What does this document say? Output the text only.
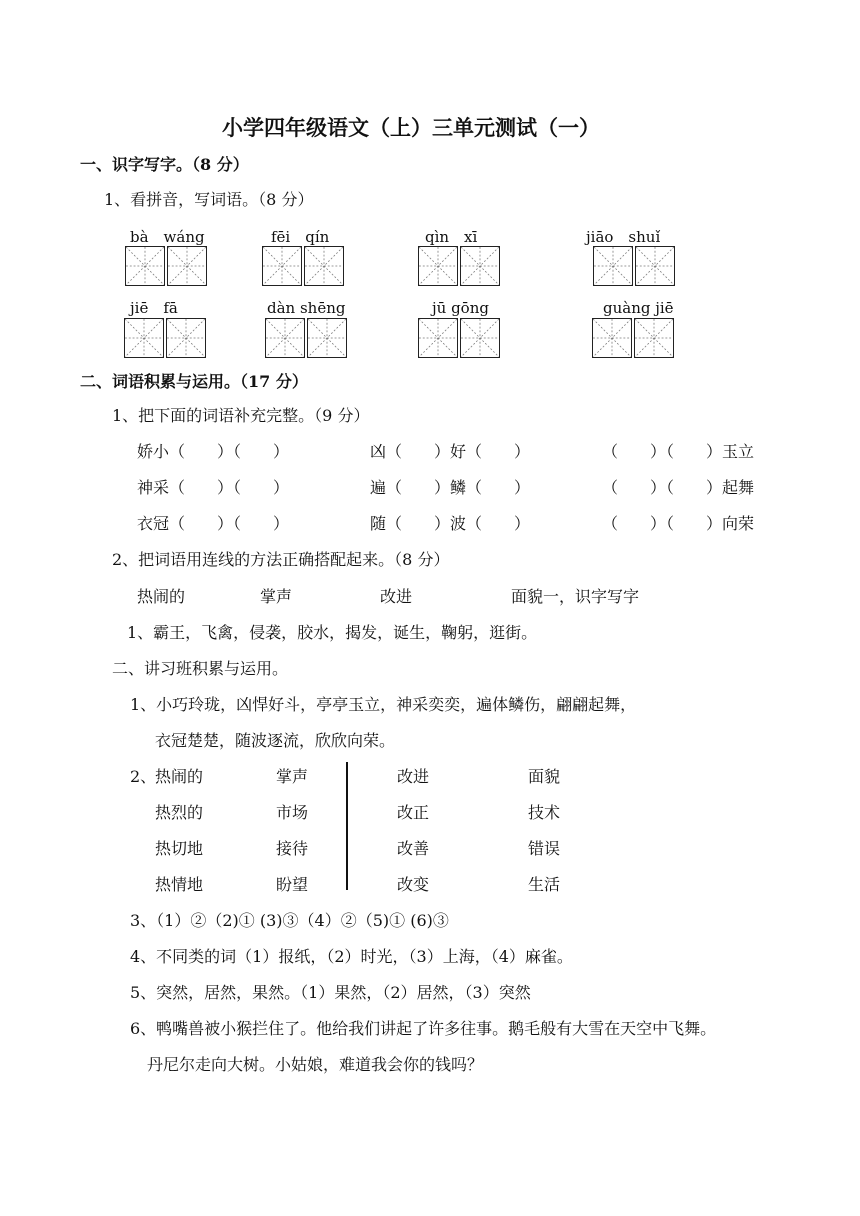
小学四年级语文（上）三单元测试（一）
一、识字写字。（8 分）
1、看拼音，写词语。（8 分）
bà　wáng	fēi　qín	qìn　xī	jiāo　shuǐ
jiē　fā	dàn shēng	jū gōng	guàng jiē
二、词语积累与运用。（17 分）
1、把下面的词语补充完整。（9 分）
娇小（　　）（　　）	凶（　　）好（　　）	（　　）（　　）玉立
神采（　　）（　　）	遍（　　）鳞（　　）	（　　）（　　）起舞
衣冠（　　）（　　）	随（　　）波（　　）	（　　）（　　）向荣
2、把词语用连线的方法正确搭配起来。（8 分）
热闹的	掌声	改进	面貌一，识字写字
1、霸王，飞禽，侵袭，胶水，揭发，诞生，鞠躬，逛街。
二、讲习班积累与运用。
1、小巧玲珑，凶悍好斗，亭亭玉立，神采奕奕，遍体鳞伤，翩翩起舞，
衣冠楚楚，随波逐流，欣欣向荣。
2、
热闹的	掌声	改进	面貌
热烈的	市场	改正	技术
热切地	接待	改善	错误
热情地	盼望	改变	生活
3、（1）②（2)① (3)③（4）②（5)① (6)③
4、不同类的词（1）报纸，（2）时光，（3）上海，（4）麻雀。
5、突然，居然，果然。（1）果然，（2）居然，（3）突然
6、鸭嘴兽被小猴拦住了。他给我们讲起了许多往事。鹅毛般有大雪在天空中飞舞。
丹尼尔走向大树。小姑娘，难道我会你的钱吗？
